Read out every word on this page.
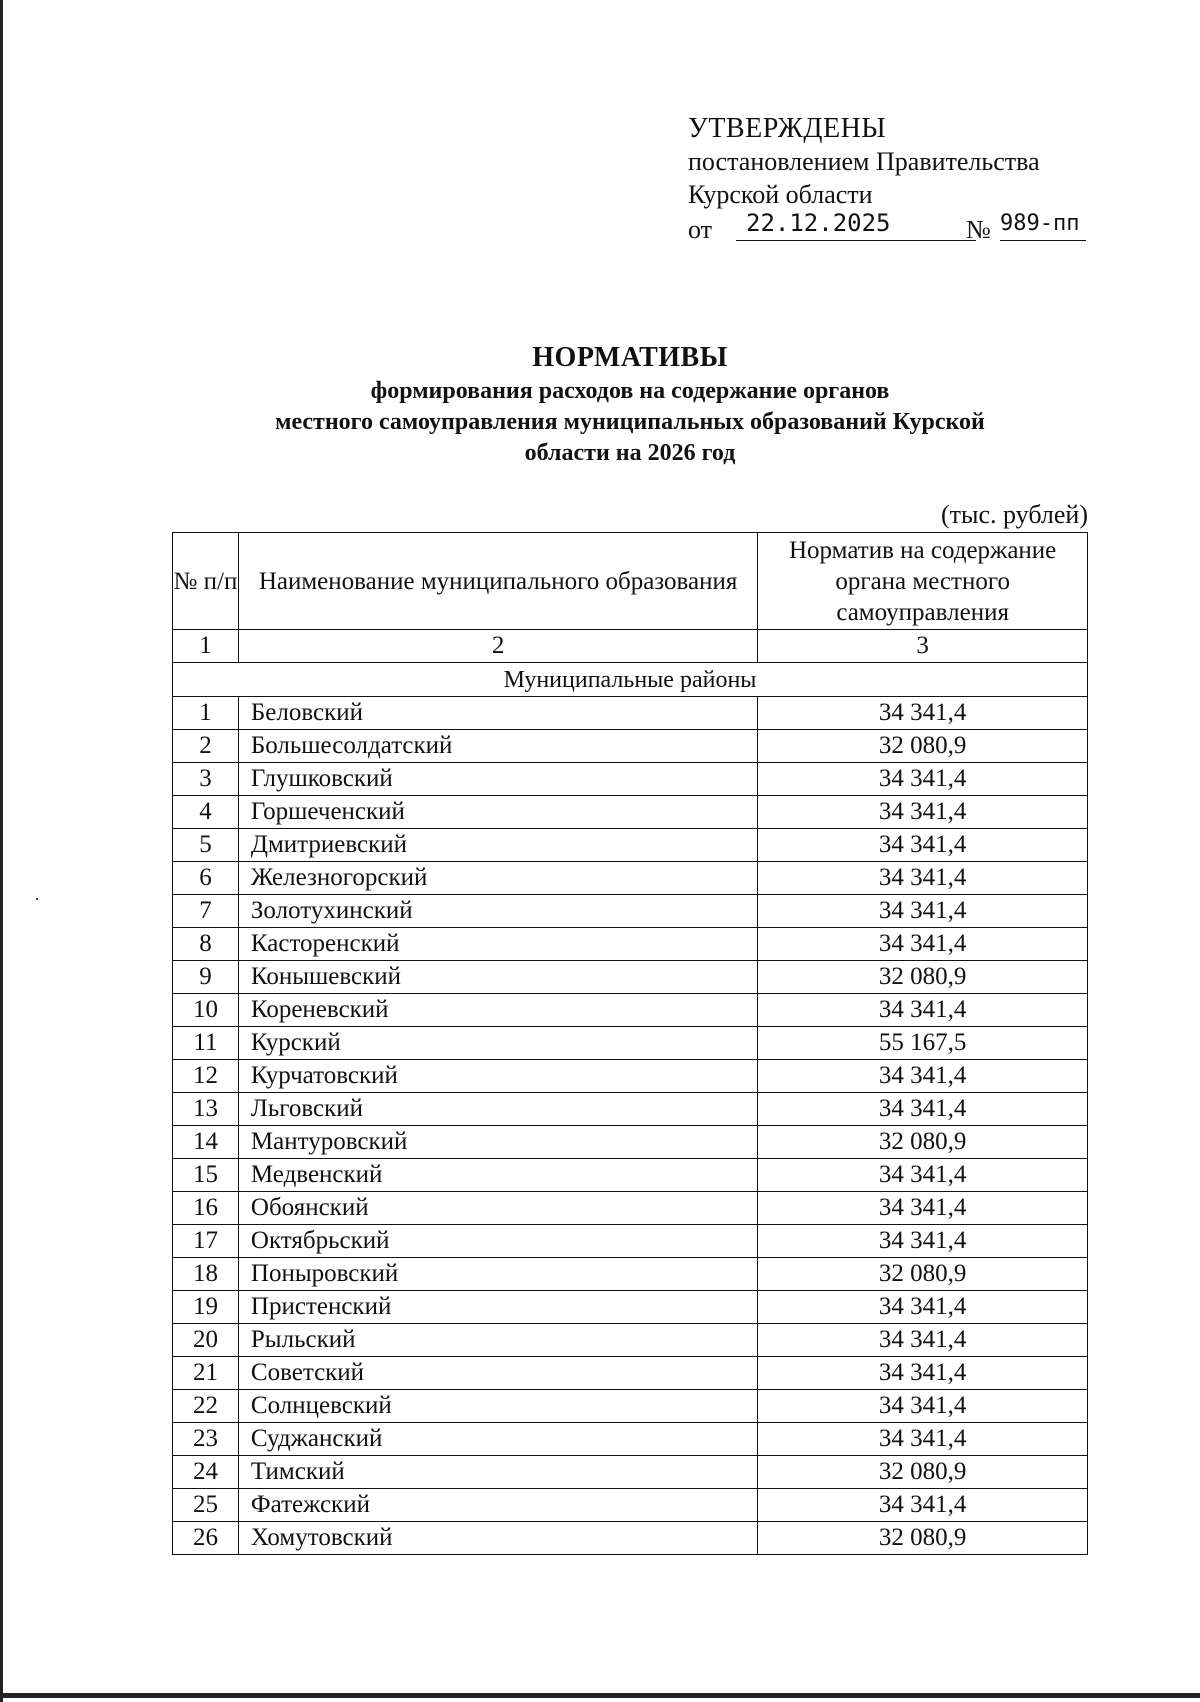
УТВЕРЖДЕНЫ
постановлением Правительства
Курской области
от	22.12.2025	№ 989-пп
НОРМАТИВЫ
формирования расходов на содержание органов
местного самоуправления муниципальных образований Курской
области на 2026 год
(тыс. рублей)
№ п/п	Наименование муниципального образования	Норматив на содержание органа местного самоуправления
1	2	3
Муниципальные районы		
1	Беловский	34 341,4
2	Большесолдатский	32 080,9
3	Глушковский	34 341,4
4	Горшеченский	34 341,4
5	Дмитриевский	34 341,4
6	Железногорский	34 341,4
7	Золотухинский	34 341,4
8	Касторенский	34 341,4
9	Конышевский	32 080,9
10	Кореневский	34 341,4
11	Курский	55 167,5
12	Курчатовский	34 341,4
13	Льговский	34 341,4
14	Мантуровский	32 080,9
15	Медвенский	34 341,4
16	Обоянский	34 341,4
17	Октябрьский	34 341,4
18	Поныровский	32 080,9
19	Пристенский	34 341,4
20	Рыльский	34 341,4
21	Советский	34 341,4
22	Солнцевский	34 341,4
23	Суджанский	34 341,4
24	Тимский	32 080,9
25	Фатежский	34 341,4
26	Хомутовский	32 080,9
